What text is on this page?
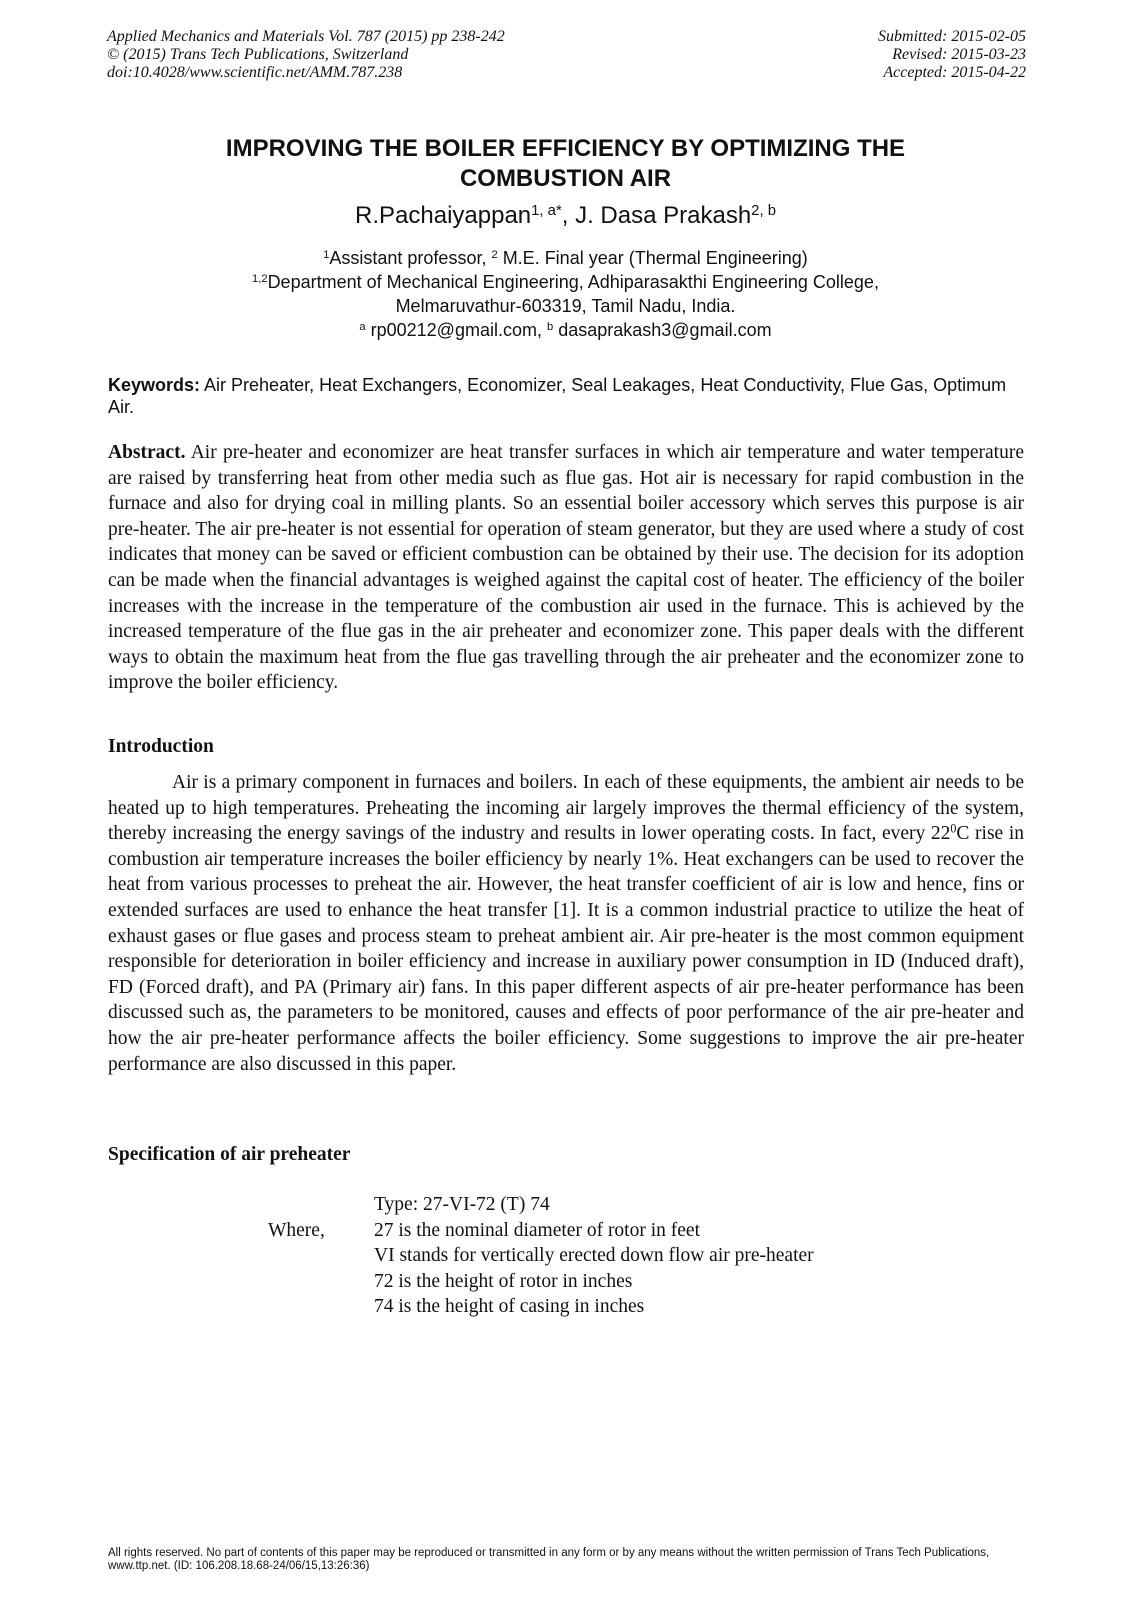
Applied Mechanics and Materials Vol. 787 (2015) pp 238-242
© (2015) Trans Tech Publications, Switzerland
doi:10.4028/www.scientific.net/AMM.787.238
Submitted: 2015-02-05
Revised: 2015-03-23
Accepted: 2015-04-22
IMPROVING THE BOILER EFFICIENCY BY OPTIMIZING THE
COMBUSTION AIR
R.Pachaiyappan$^{1, a*}$, J. Dasa Prakash$^{2, b}$
$^1$Assistant professor, $^2$ M.E. Final year (Thermal Engineering)
$^{1,2}$Department of Mechanical Engineering, Adhiparasakthi Engineering College,
Melmaruvathur-603319, Tamil Nadu, India.
$^a$ rp00212@gmail.com, $^b$ dasaprakash3@gmail.com
Keywords: Air Preheater, Heat Exchangers, Economizer, Seal Leakages, Heat Conductivity, Flue Gas, Optimum Air.
Abstract. Air pre-heater and economizer are heat transfer surfaces in which air temperature and water temperature are raised by transferring heat from other media such as flue gas. Hot air is necessary for rapid combustion in the furnace and also for drying coal in milling plants. So an essential boiler accessory which serves this purpose is air pre-heater. The air pre-heater is not essential for operation of steam generator, but they are used where a study of cost indicates that money can be saved or efficient combustion can be obtained by their use. The decision for its adoption can be made when the financial advantages is weighed against the capital cost of heater. The efficiency of the boiler increases with the increase in the temperature of the combustion air used in the furnace. This is achieved by the increased temperature of the flue gas in the air preheater and economizer zone. This paper deals with the different ways to obtain the maximum heat from the flue gas travelling through the air preheater and the economizer zone to improve the boiler efficiency.
Introduction
Air is a primary component in furnaces and boilers. In each of these equipments, the ambient air needs to be heated up to high temperatures. Preheating the incoming air largely improves the thermal efficiency of the system, thereby increasing the energy savings of the industry and results in lower operating costs. In fact, every $22^0C$ rise in combustion air temperature increases the boiler efficiency by nearly 1%. Heat exchangers can be used to recover the heat from various processes to preheat the air. However, the heat transfer coefficient of air is low and hence, fins or extended surfaces are used to enhance the heat transfer [1]. It is a common industrial practice to utilize the heat of exhaust gases or flue gases and process steam to preheat ambient air. Air pre-heater is the most common equipment responsible for deterioration in boiler efficiency and increase in auxiliary power consumption in ID (Induced draft), FD (Forced draft), and PA (Primary air) fans. In this paper different aspects of air pre-heater performance has been discussed such as, the parameters to be monitored, causes and effects of poor performance of the air pre-heater and how the air pre-heater performance affects the boiler efficiency. Some suggestions to improve the air pre-heater performance are also discussed in this paper.
Specification of air preheater
Where,
Type: 27-VI-72 (T) 74
27 is the nominal diameter of rotor in feet
VI stands for vertically erected down flow air pre-heater
72 is the height of rotor in inches
74 is the height of casing in inches
All rights reserved. No part of contents of this paper may be reproduced or transmitted in any form or by any means without the written permission of Trans Tech Publications, www.ttp.net. (ID: 106.208.18.68-24/06/15,13:26:36)
